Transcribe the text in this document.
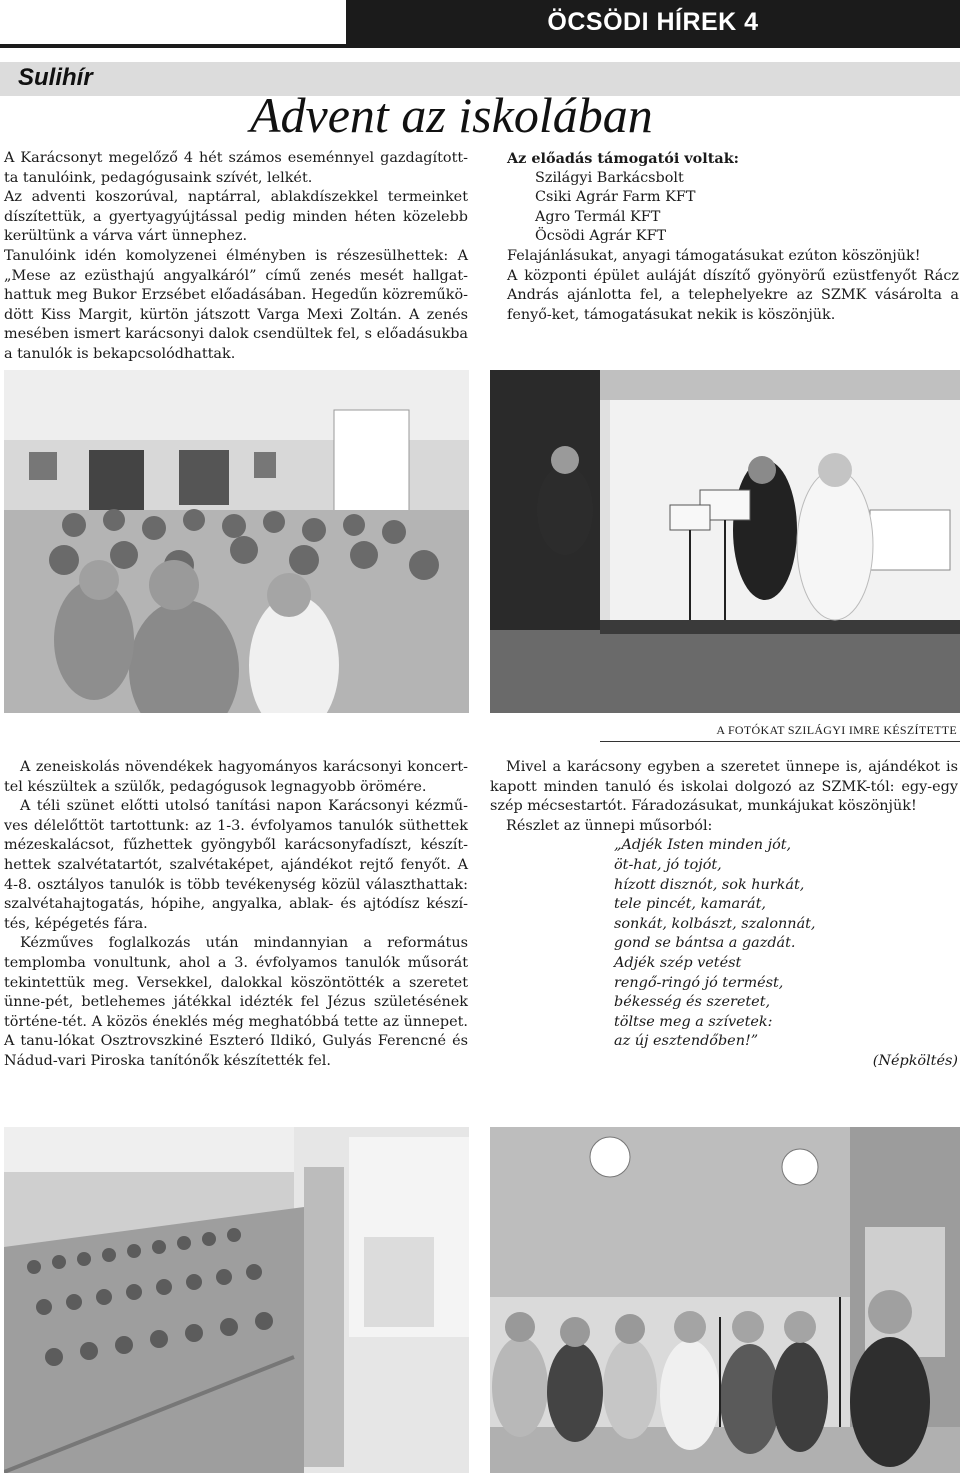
ÖCSÖDI HÍREK 4
Sulihír
Advent az iskolában

A Karácsonyt megelőző 4 hét számos eseménnyel gazdagított-ta tanulóink, pedagógusaink szívét, lelkét.

Az adventi koszorúval, naptárral, ablakdíszekkel termeinket díszítettük, a gyertyagyújtással pedig minden héten közelebb kerültünk a várva várt ünnephez.

Tanulóink idén komolyzenei élményben is részesülhettek: A „Mese az ezüsthajú angyalkáról” című zenés mesét hallgat-hattuk meg Bukor Erzsébet előadásában. Hegedűn közreműkö-dött Kiss Margit, kürtön játszott Varga Mexi Zoltán. A zenés mesében ismert karácsonyi dalok csendültek fel, s előadásukba a tanulók is bekapcsolódhattak.

Az előadás támogatói voltak:

Szilágyi Barkácsbolt

Csiki Agrár Farm KFT

Agro Termál KFT

Öcsödi Agrár KFT

Felajánlásukat, anyagi támogatásukat ezúton köszönjük!

A központi épület auláját díszítő gyönyörű ezüstfenyőt Rácz András ajánlotta fel, a telephelyekre az SZMK vásárolta a fenyő-ket, támogatásukat nekik is köszönjük.

A FOTÓKAT SZILÁGYI IMRE KÉSZÍTETTE

A zeneiskolás növendékek hagyományos karácsonyi koncert-tel készültek a szülők, pedagógusok legnagyobb örömére.

A téli szünet előtti utolsó tanítási napon Karácsonyi kézmű-ves délelőttöt tartottunk: az 1-3. évfolyamos tanulók süthettek mézeskalácsot, fűzhettek gyöngyből karácsonyfadíszt, készít-hettek szalvétatartót, szalvétaképet, ajándékot rejtő fenyőt. A 4-8. osztályos tanulók is több tevékenység közül választhattak: szalvétahajtogatás, hópihe, angyalka, ablak- és ajtódísz készí-tés, képégetés fára.

Kézműves foglalkozás után mindannyian a református templomba vonultunk, ahol a 3. évfolyamos tanulók műsorát tekintettük meg. Versekkel, dalokkal köszöntötték a szeretet ünne-pét, betlehemes játékkal idézték fel Jézus születésének történe-tét. A közös éneklés még meghatóbbá tette az ünnepet. A tanu-lókat Osztrovszkiné Eszteró Ildikó, Gulyás Ferencné és Nádud-vari Piroska tanítónők készítették fel.

Mivel a karácsony egyben a szeretet ünnepe is, ajándékot is kapott minden tanuló és iskolai dolgozó az SZMK-tól: egy-egy szép mécsestartót. Fáradozásukat, munkájukat köszönjük!

Részlet az ünnepi műsorból:

„Adjék Isten minden jót,

öt-hat, jó tojót,

hízott disznót, sok hurkát,

tele pincét, kamarát,

sonkát, kolbászt, szalonnát,

gond se bántsa a gazdát.

Adjék szép vetést

rengő-ringó jó termést,

békesség és szeretet,

töltse meg a szívetek:

az új esztendőben!”

(Népköltés)
